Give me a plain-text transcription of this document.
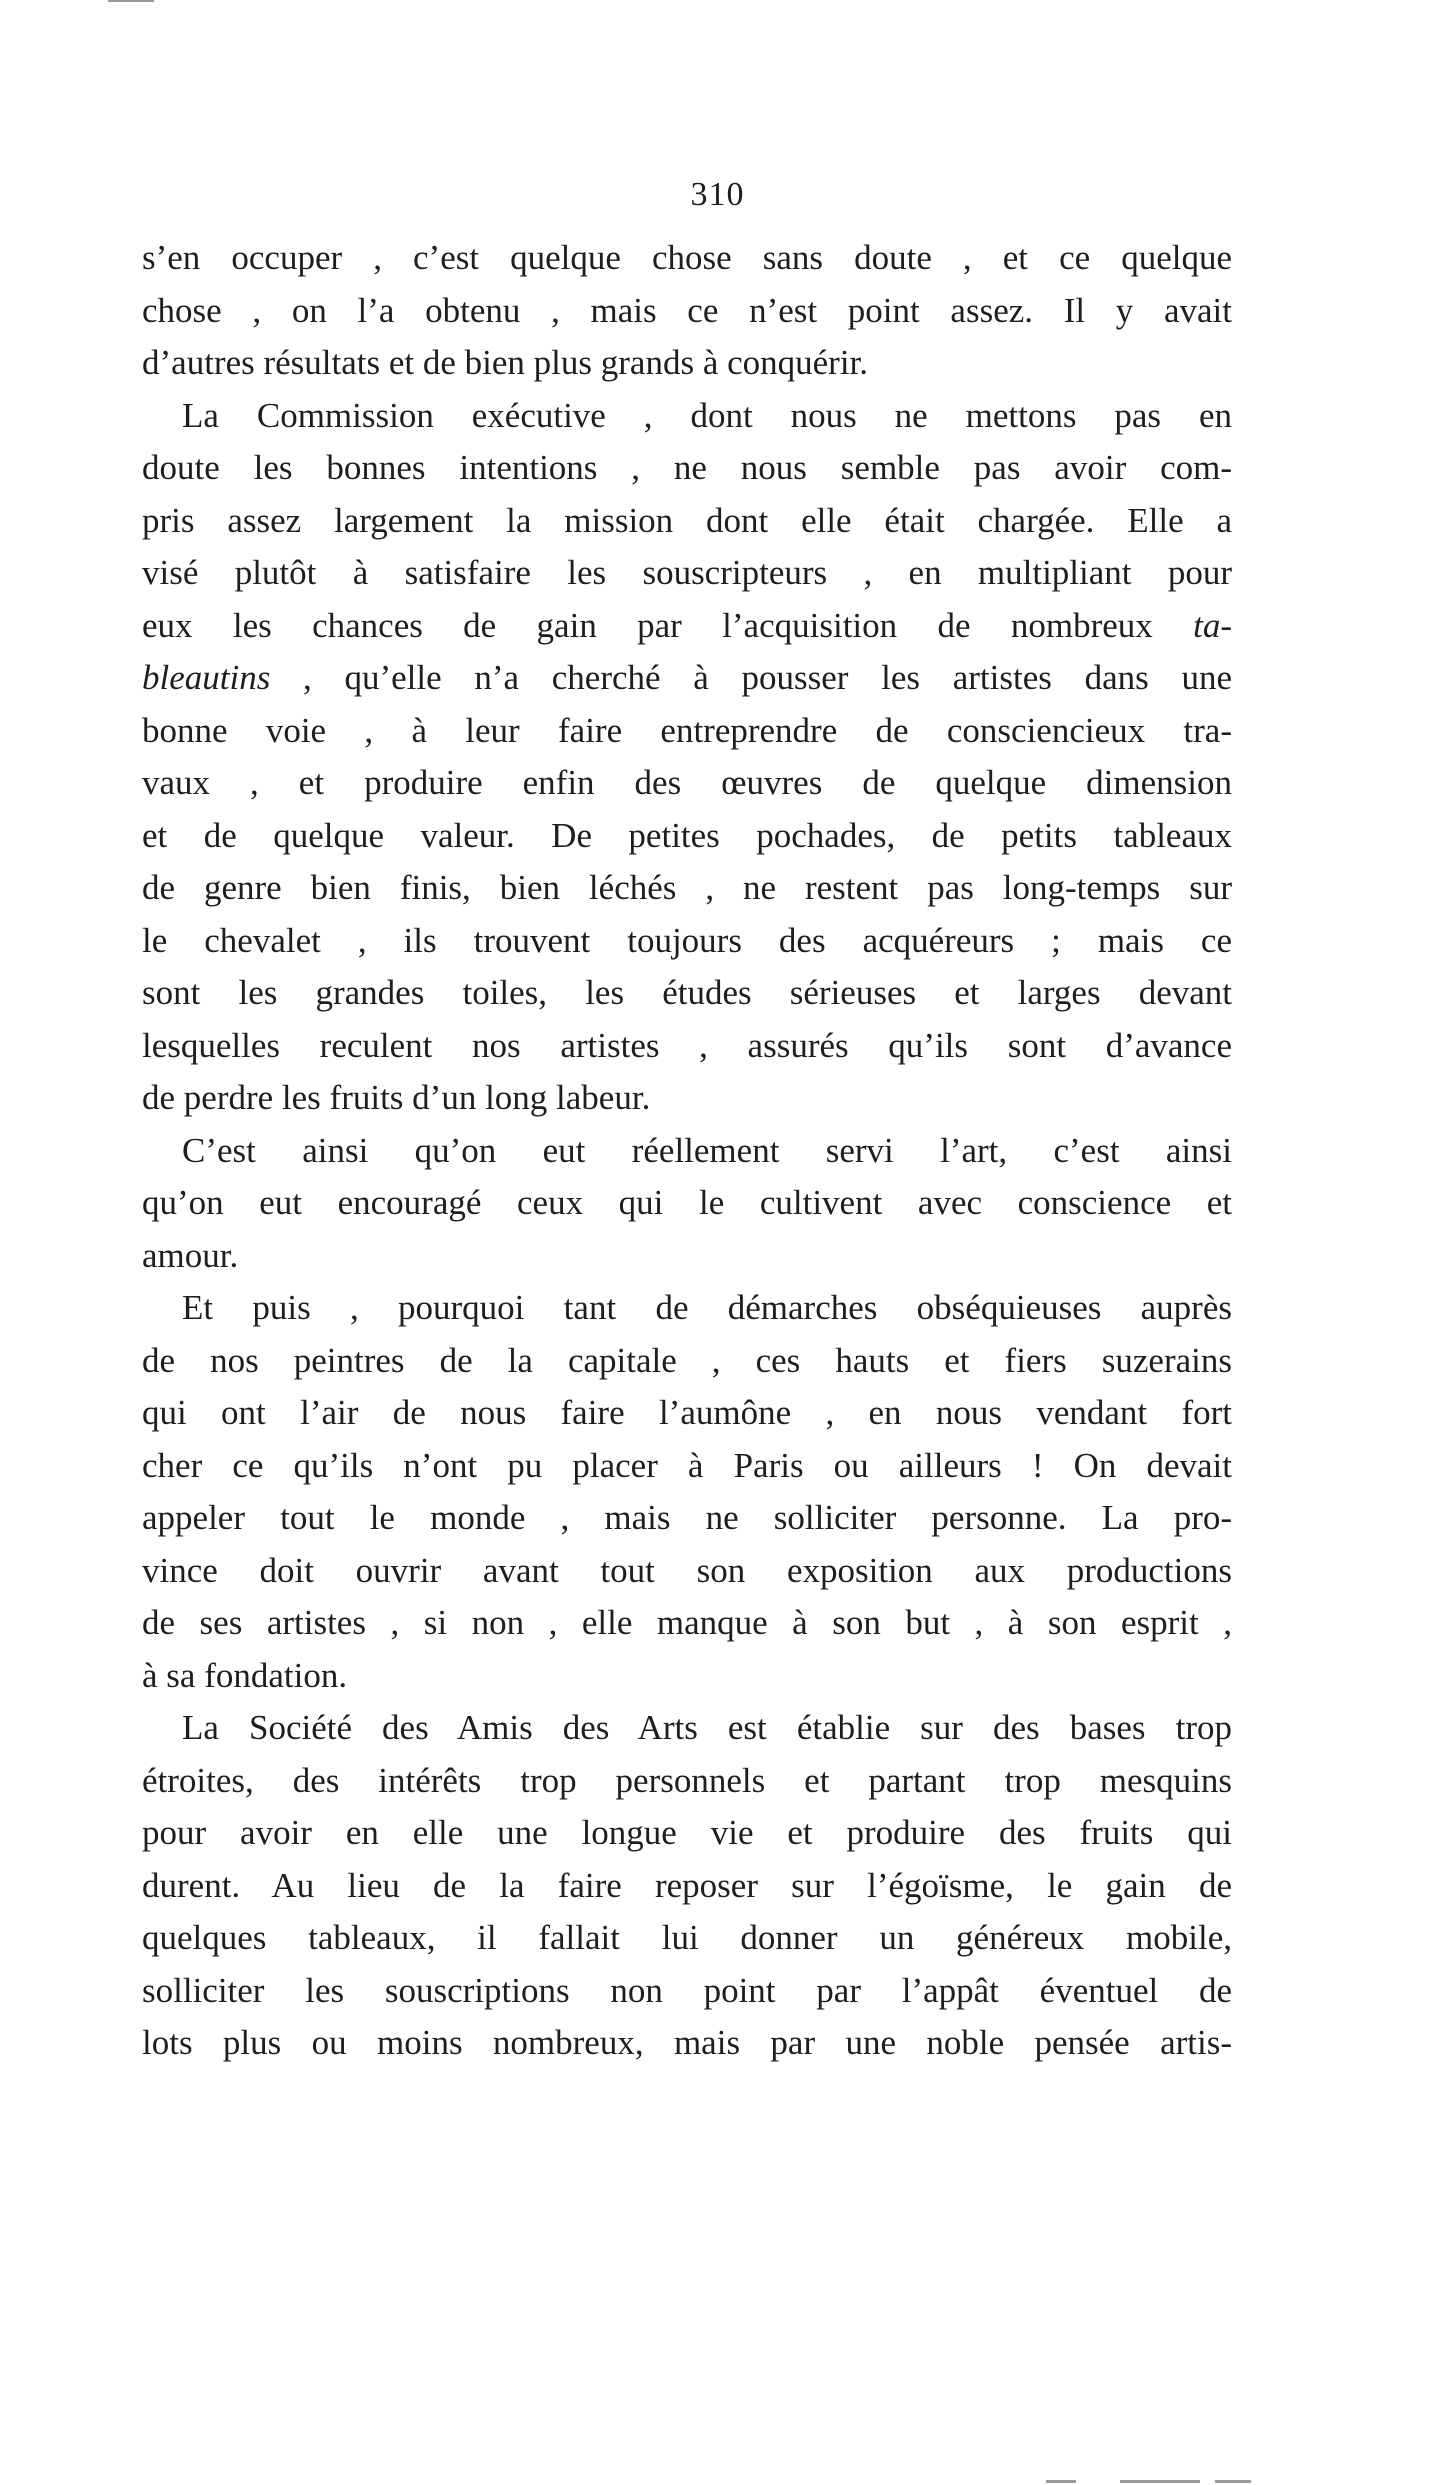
310
s’en occuper , c’est quelque chose sans doute , et ce quelque
chose , on l’a obtenu , mais ce n’est point assez. Il y avait
d’autres résultats et de bien plus grands à conquérir.
La Commission exécutive , dont nous ne mettons pas en
doute les bonnes intentions , ne nous semble pas avoir com-
pris assez largement la mission dont elle était chargée. Elle a
visé plutôt à satisfaire les souscripteurs , en multipliant pour
eux les chances de gain par l’acquisition de nombreux ta-
bleautins , qu’elle n’a cherché à pousser les artistes dans une
bonne voie , à leur faire entreprendre de consciencieux tra-
vaux , et produire enfin des œuvres de quelque dimension
et de quelque valeur. De petites pochades, de petits tableaux
de genre bien finis, bien léchés , ne restent pas long-temps sur
le chevalet , ils trouvent toujours des acquéreurs ; mais ce
sont les grandes toiles, les études sérieuses et larges devant
lesquelles reculent nos artistes , assurés qu’ils sont d’avance
de perdre les fruits d’un long labeur.
C’est ainsi qu’on eut réellement servi l’art, c’est ainsi
qu’on eut encouragé ceux qui le cultivent avec conscience et
amour.
Et puis , pourquoi tant de démarches obséquieuses auprès
de nos peintres de la capitale , ces hauts et fiers suzerains
qui ont l’air de nous faire l’aumône , en nous vendant fort
cher ce qu’ils n’ont pu placer à Paris ou ailleurs ! On devait
appeler tout le monde , mais ne solliciter personne. La pro-
vince doit ouvrir avant tout son exposition aux productions
de ses artistes , si non , elle manque à son but , à son esprit ,
à sa fondation.
La Société des Amis des Arts est établie sur des bases trop
étroites, des intérêts trop personnels et partant trop mesquins
pour avoir en elle une longue vie et produire des fruits qui
durent. Au lieu de la faire reposer sur l’égoïsme, le gain de
quelques tableaux, il fallait lui donner un généreux mobile,
solliciter les souscriptions non point par l’appât éventuel de
lots plus ou moins nombreux, mais par une noble pensée artis-
